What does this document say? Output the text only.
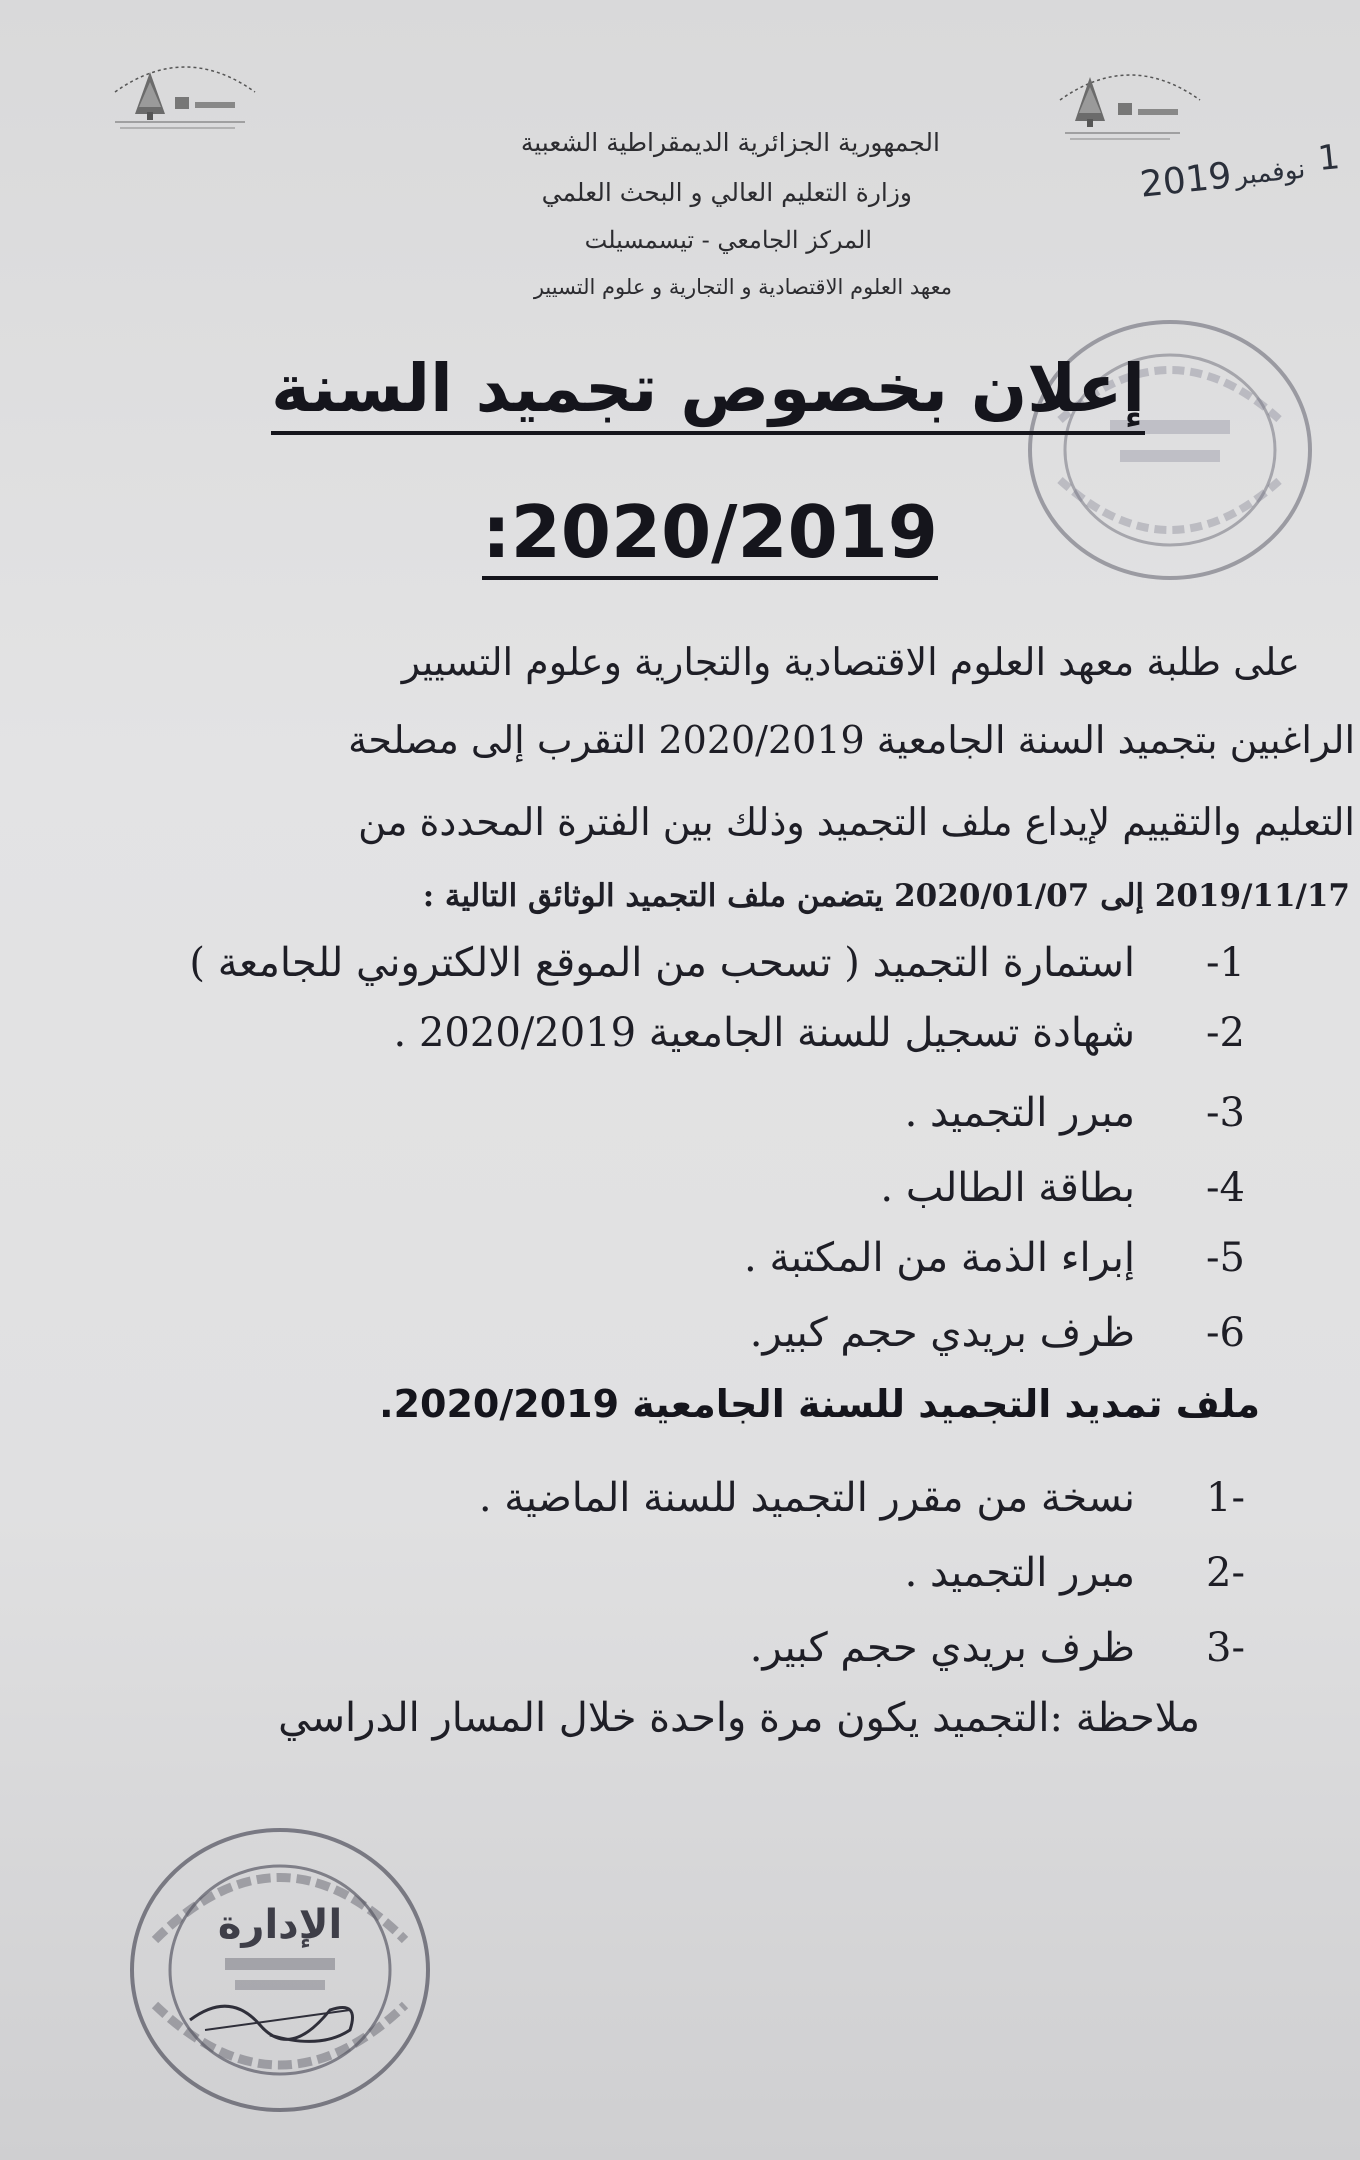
2019 نوفمبر 1
الجمهورية الجزائرية الديمقراطية الشعبية
وزارة التعليم العالي و البحث العلمي
المركز الجامعي - تيسمسيلت
معهد العلوم الاقتصادية و التجارية و علوم التسيير
إعلان بخصوص تجميد السنة
:2020/2019
على طلبة معهد العلوم الاقتصادية والتجارية وعلوم التسيير
الراغبين بتجميد السنة الجامعية 2020/2019 التقرب إلى مصلحة
التعليم والتقييم لإيداع ملف التجميد وذلك بين الفترة المحددة من
2019/11/17 إلى 2020/01/07 يتضمن ملف التجميد الوثائق التالية :
-1
استمارة التجميد ( تسحب من الموقع الالكتروني للجامعة )
-2
شهادة تسجيل للسنة الجامعية 2020/2019 .
-3
مبرر التجميد .
-4
بطاقة الطالب .
-5
إبراء الذمة من المكتبة .
-6
ظرف بريدي حجم كبير.
ملف تمديد التجميد للسنة الجامعية 2020/2019.
1-
نسخة من مقرر التجميد للسنة الماضية .
2-
مبرر التجميد .
3-
ظرف بريدي حجم كبير.
ملاحظة :التجميد يكون مرة واحدة خلال المسار الدراسي
الإدارة
